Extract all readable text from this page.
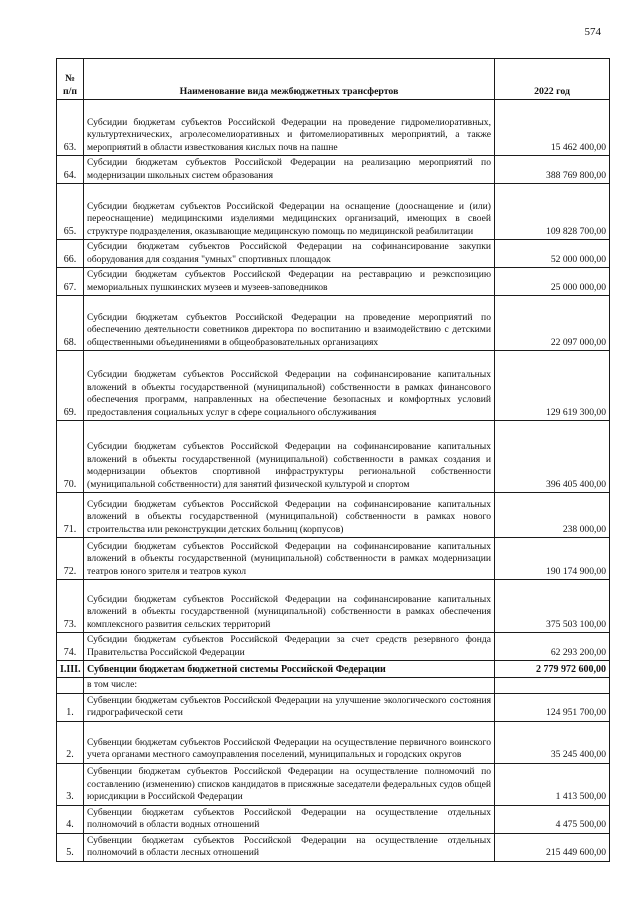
574
№ п/п	Наименование вида межбюджетных трансфертов	2022 год
63.	Субсидии бюджетам субъектов Российской Федерации на проведение гидромелиоративных, культуртехнических, агролесомелиоративных и фитомелиоративных мероприятий, а также мероприятий в области известкования кислых почв на пашне	15 462 400,00
64.	Субсидии бюджетам субъектов Российской Федерации на реализацию мероприятий по модернизации школьных систем образования	388 769 800,00
65.	Субсидии бюджетам субъектов Российской Федерации на оснащение (дооснащение и (или) переоснащение) медицинскими изделиями медицинских организаций, имеющих в своей структуре подразделения, оказывающие медицинскую помощь по медицинской реабилитации	109 828 700,00
66.	Субсидии бюджетам субъектов Российской Федерации на софинансирование закупки оборудования для создания "умных" спортивных площадок	52 000 000,00
67.	Субсидии бюджетам субъектов Российской Федерации на реставрацию и реэкспозицию мемориальных пушкинских музеев и музеев-заповедников	25 000 000,00
68.	Субсидии бюджетам субъектов Российской Федерации на проведение мероприятий по обеспечению деятельности советников директора по воспитанию и взаимодействию с детскими общественными объединениями в общеобразовательных организациях	22 097 000,00
69.	Субсидии бюджетам субъектов Российской Федерации на софинансирование капитальных вложений в объекты государственной (муниципальной) собственности в рамках финансового обеспечения программ, направленных на обеспечение безопасных и комфортных условий предоставления социальных услуг в сфере социального обслуживания	129 619 300,00
70.	Субсидии бюджетам субъектов Российской Федерации на софинансирование капитальных вложений в объекты государственной (муниципальной) собственности в рамках создания и модернизации объектов спортивной инфраструктуры региональной собственности (муниципальной собственности) для занятий физической культурой и спортом	396 405 400,00
71.	Субсидии бюджетам субъектов Российской Федерации на софинансирование капитальных вложений в объекты государственной (муниципальной) собственности в рамках нового строительства или реконструкции детских больниц (корпусов)	238 000,00
72.	Субсидии бюджетам субъектов Российской Федерации на софинансирование капитальных вложений в объекты государственной (муниципальной) собственности в рамках модернизации театров юного зрителя и театров кукол	190 174 900,00
73.	Субсидии бюджетам субъектов Российской Федерации на софинансирование капитальных вложений в объекты государственной (муниципальной) собственности в рамках обеспечения комплексного развития сельских территорий	375 503 100,00
74.	Субсидии бюджетам субъектов Российской Федерации за счет средств резервного фонда Правительства Российской Федерации	62 293 200,00
I.III.	Субвенции бюджетам бюджетной системы Российской Федерации	2 779 972 600,00
	в том числе:	
1.	Субвенции бюджетам субъектов Российской Федерации на улучшение экологического состояния гидрографической сети	124 951 700,00
2.	Субвенции бюджетам субъектов Российской Федерации на осуществление первичного воинского учета органами местного самоуправления поселений, муниципальных и городских округов	35 245 400,00
3.	Субвенции бюджетам субъектов Российской Федерации на осуществление полномочий по составлению (изменению) списков кандидатов в присяжные заседатели федеральных судов общей юрисдикции в Российской Федерации	1 413 500,00
4.	Субвенции бюджетам субъектов Российской Федерации на осуществление отдельных полномочий в области водных отношений	4 475 500,00
5.	Субвенции бюджетам субъектов Российской Федерации на осуществление отдельных полномочий в области лесных отношений	215 449 600,00
